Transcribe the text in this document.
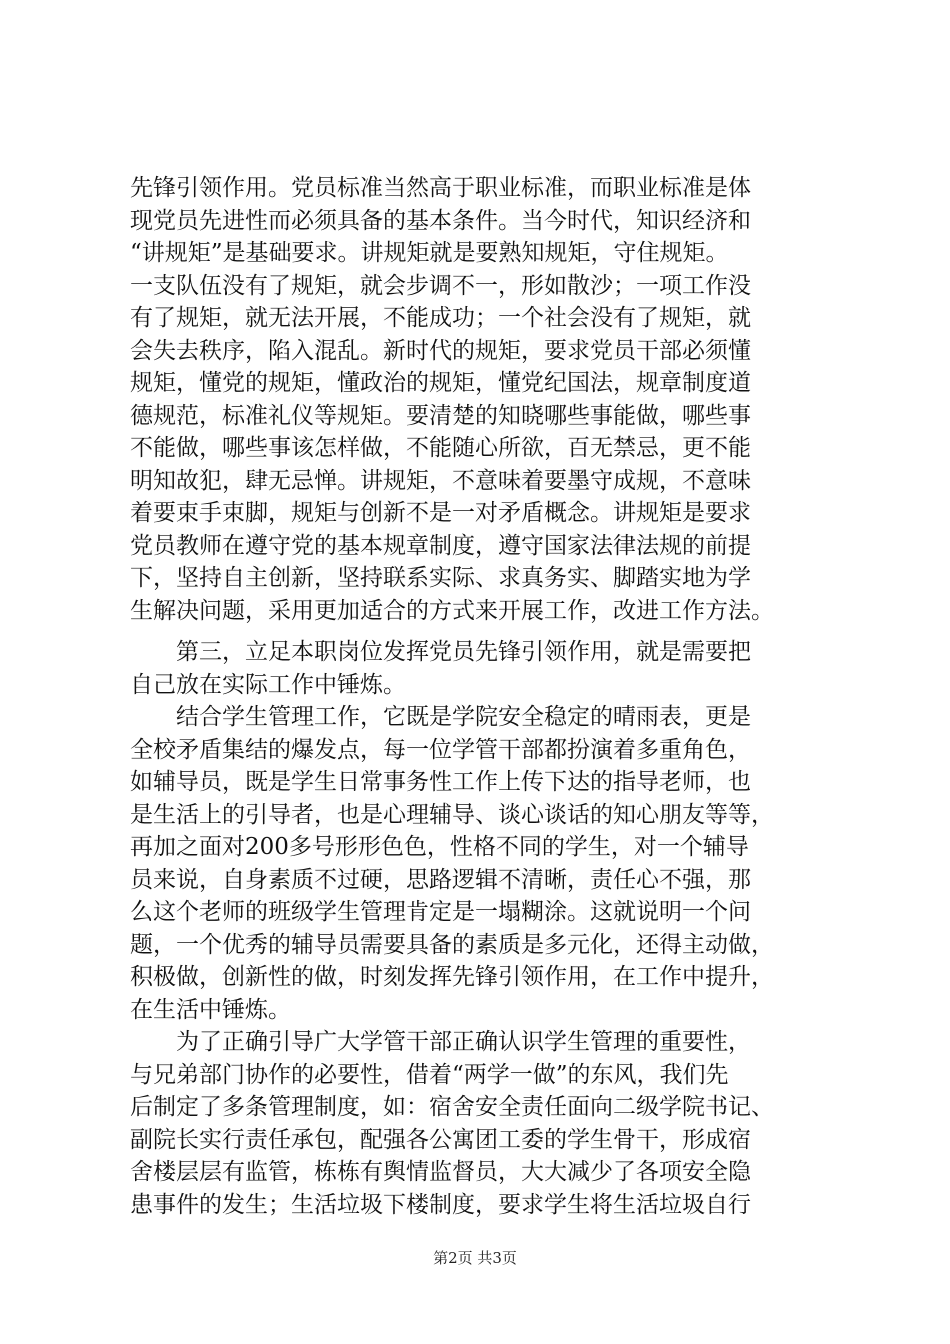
先锋引领作用。党员标准当然高于职业标准，而职业标准是体
现党员先进性而必须具备的基本条件。当今时代，知识经济和
“讲规矩”是基础要求。讲规矩就是要熟知规矩，守住规矩。
一支队伍没有了规矩，就会步调不一，形如散沙；一项工作没
有了规矩，就无法开展，不能成功；一个社会没有了规矩，就
会失去秩序，陷入混乱。新时代的规矩，要求党员干部必须懂
规矩，懂党的规矩，懂政治的规矩，懂党纪国法，规章制度道
德规范，标准礼仪等规矩。要清楚的知晓哪些事能做，哪些事
不能做，哪些事该怎样做，不能随心所欲，百无禁忌，更不能
明知故犯，肆无忌惮。讲规矩，不意味着要墨守成规，不意味
着要束手束脚，规矩与创新不是一对矛盾概念。讲规矩是要求
党员教师在遵守党的基本规章制度，遵守国家法律法规的前提
下，坚持自主创新，坚持联系实际、求真务实、脚踏实地为学
生解决问题，采用更加适合的方式来开展工作，改进工作方法。
　　第三，立足本职岗位发挥党员先锋引领作用，就是需要把
自己放在实际工作中锤炼。
　　结合学生管理工作，它既是学院安全稳定的晴雨表，更是
全校矛盾集结的爆发点，每一位学管干部都扮演着多重角色，
如辅导员，既是学生日常事务性工作上传下达的指导老师，也
是生活上的引导者，也是心理辅导、谈心谈话的知心朋友等等，
再加之面对200多号形形色色，性格不同的学生，对一个辅导
员来说，自身素质不过硬，思路逻辑不清晰，责任心不强，那
么这个老师的班级学生管理肯定是一塌糊涂。这就说明一个问
题，一个优秀的辅导员需要具备的素质是多元化，还得主动做，
积极做，创新性的做，时刻发挥先锋引领作用，在工作中提升，
在生活中锤炼。
　　为了正确引导广大学管干部正确认识学生管理的重要性，
与兄弟部门协作的必要性，借着“两学一做”的东风，我们先
后制定了多条管理制度，如：宿舍安全责任面向二级学院书记、
副院长实行责任承包，配强各公寓团工委的学生骨干，形成宿
舍楼层层有监管，栋栋有舆情监督员，大大减少了各项安全隐
患事件的发生；生活垃圾下楼制度，要求学生将生活垃圾自行
第2页 共3页
